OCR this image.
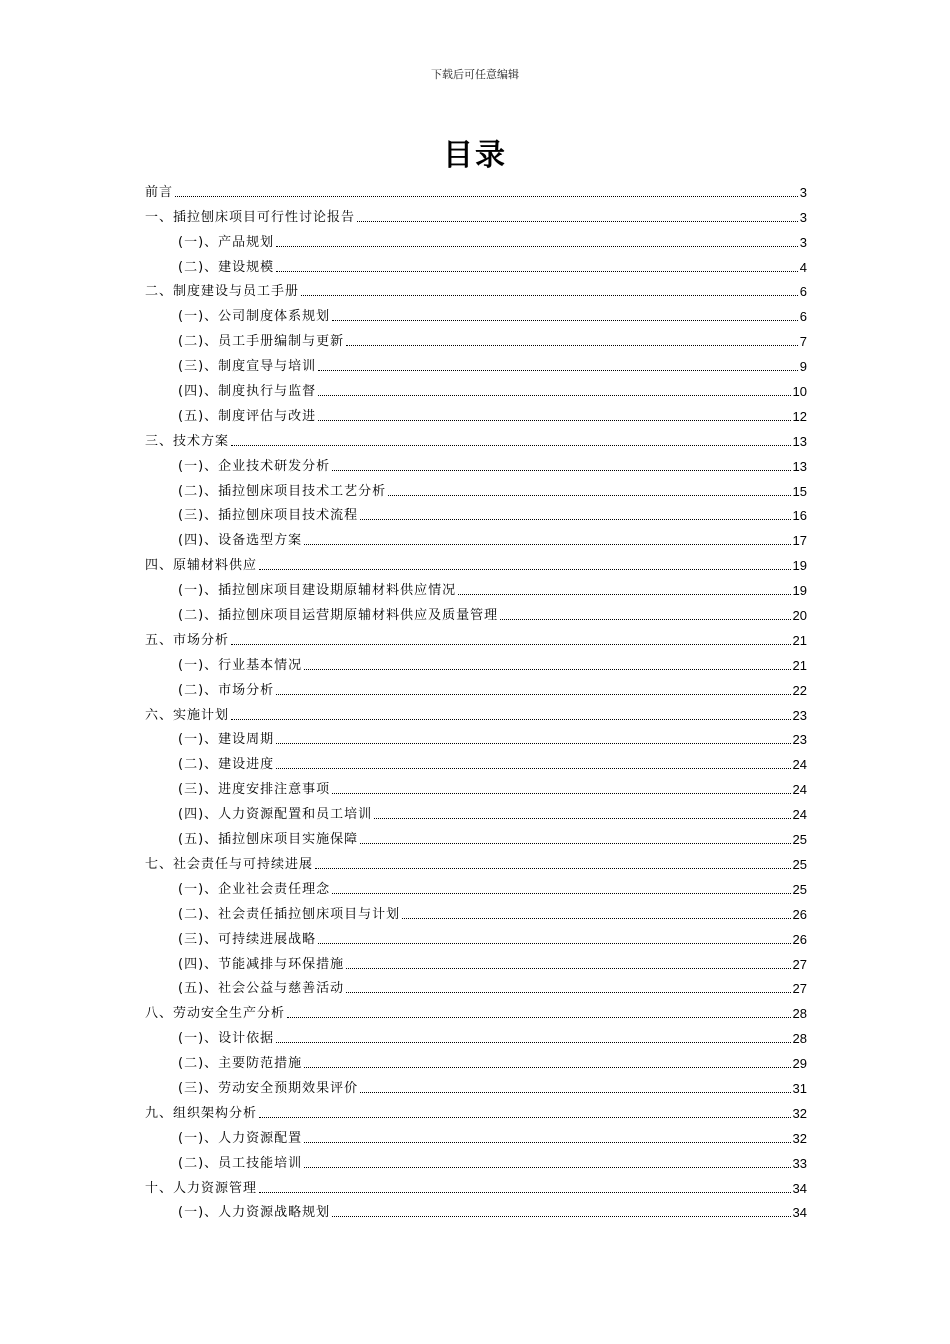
下载后可任意编辑
目录
前言	3
一、插拉刨床项目可行性讨论报告	3
(一)、产品规划	3
(二)、建设规模	4
二、制度建设与员工手册	6
(一)、公司制度体系规划	6
(二)、员工手册编制与更新	7
(三)、制度宣导与培训	9
(四)、制度执行与监督	10
(五)、制度评估与改进	12
三、技术方案	13
(一)、企业技术研发分析	13
(二)、插拉刨床项目技术工艺分析	15
(三)、插拉刨床项目技术流程	16
(四)、设备选型方案	17
四、原辅材料供应	19
(一)、插拉刨床项目建设期原辅材料供应情况	19
(二)、插拉刨床项目运营期原辅材料供应及质量管理	20
五、市场分析	21
(一)、行业基本情况	21
(二)、市场分析	22
六、实施计划	23
(一)、建设周期	23
(二)、建设进度	24
(三)、进度安排注意事项	24
(四)、人力资源配置和员工培训	24
(五)、插拉刨床项目实施保障	25
七、社会责任与可持续进展	25
(一)、企业社会责任理念	25
(二)、社会责任插拉刨床项目与计划	26
(三)、可持续进展战略	26
(四)、节能减排与环保措施	27
(五)、社会公益与慈善活动	27
八、劳动安全生产分析	28
(一)、设计依据	28
(二)、主要防范措施	29
(三)、劳动安全预期效果评价	31
九、组织架构分析	32
(一)、人力资源配置	32
(二)、员工技能培训	33
十、人力资源管理	34
(一)、人力资源战略规划	34
